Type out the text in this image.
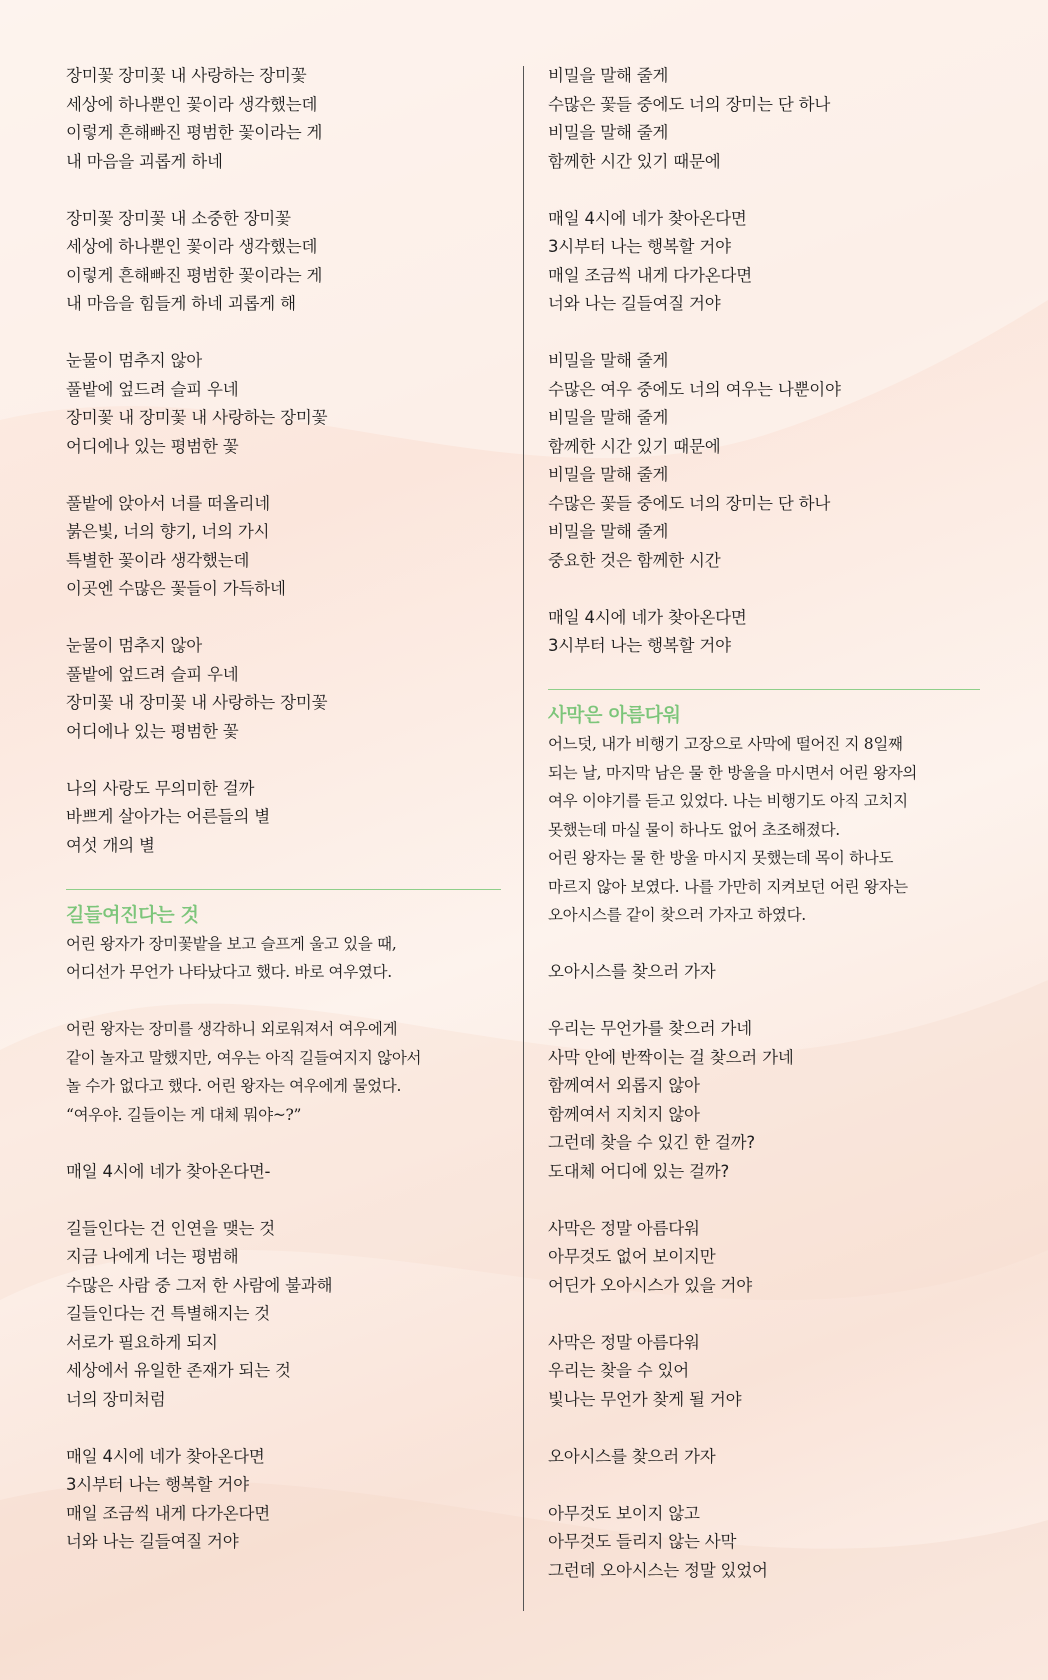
장미꽃 장미꽃 내 사랑하는 장미꽃
세상에 하나뿐인 꽃이라 생각했는데
이렇게 흔해빠진 평범한 꽃이라는 게
내 마음을 괴롭게 하네
장미꽃 장미꽃 내 소중한 장미꽃
세상에 하나뿐인 꽃이라 생각했는데
이렇게 흔해빠진 평범한 꽃이라는 게
내 마음을 힘들게 하네 괴롭게 해
눈물이 멈추지 않아
풀밭에 엎드려 슬피 우네
장미꽃 내 장미꽃 내 사랑하는 장미꽃
어디에나 있는 평범한 꽃
풀밭에 앉아서 너를 떠올리네
붉은빛, 너의 향기, 너의 가시
특별한 꽃이라 생각했는데
이곳엔 수많은 꽃들이 가득하네
눈물이 멈추지 않아
풀밭에 엎드려 슬피 우네
장미꽃 내 장미꽃 내 사랑하는 장미꽃
어디에나 있는 평범한 꽃
나의 사랑도 무의미한 걸까
바쁘게 살아가는 어른들의 별
여섯 개의 별
길들여진다는 것
어린 왕자가 장미꽃밭을 보고 슬프게 울고 있을 때,
어디선가 무언가 나타났다고 했다. 바로 여우였다.
어린 왕자는 장미를 생각하니 외로워져서 여우에게
같이 놀자고 말했지만, 여우는 아직 길들여지지 않아서
놀 수가 없다고 했다. 어린 왕자는 여우에게 물었다.
“여우야. 길들이는 게 대체 뭐야~?”
매일 4시에 네가 찾아온다면-
길들인다는 건 인연을 맺는 것
지금 나에게 너는 평범해
수많은 사람 중 그저 한 사람에 불과해
길들인다는 건 특별해지는 것
서로가 필요하게 되지
세상에서 유일한 존재가 되는 것
너의 장미처럼
매일 4시에 네가 찾아온다면
3시부터 나는 행복할 거야
매일 조금씩 내게 다가온다면
너와 나는 길들여질 거야
비밀을 말해 줄게
수많은 꽃들 중에도 너의 장미는 단 하나
비밀을 말해 줄게
함께한 시간 있기 때문에
매일 4시에 네가 찾아온다면
3시부터 나는 행복할 거야
매일 조금씩 내게 다가온다면
너와 나는 길들여질 거야
비밀을 말해 줄게
수많은 여우 중에도 너의 여우는 나뿐이야
비밀을 말해 줄게
함께한 시간 있기 때문에
비밀을 말해 줄게
수많은 꽃들 중에도 너의 장미는 단 하나
비밀을 말해 줄게
중요한 것은 함께한 시간
매일 4시에 네가 찾아온다면
3시부터 나는 행복할 거야
사막은 아름다워
어느덧, 내가 비행기 고장으로 사막에 떨어진 지 8일째
되는 날, 마지막 남은 물 한 방울을 마시면서 어린 왕자의
여우 이야기를 듣고 있었다. 나는 비행기도 아직 고치지
못했는데 마실 물이 하나도 없어 초조해졌다.
어린 왕자는 물 한 방울 마시지 못했는데 목이 하나도
마르지 않아 보였다. 나를 가만히 지켜보던 어린 왕자는
오아시스를 같이 찾으러 가자고 하였다.
오아시스를 찾으러 가자
우리는 무언가를 찾으러 가네
사막 안에 반짝이는 걸 찾으러 가네
함께여서 외롭지 않아
함께여서 지치지 않아
그런데 찾을 수 있긴 한 걸까?
도대체 어디에 있는 걸까?
사막은 정말 아름다워
아무것도 없어 보이지만
어딘가 오아시스가 있을 거야
사막은 정말 아름다워
우리는 찾을 수 있어
빛나는 무언가 찾게 될 거야
오아시스를 찾으러 가자
아무것도 보이지 않고
아무것도 들리지 않는 사막
그런데 오아시스는 정말 있었어
